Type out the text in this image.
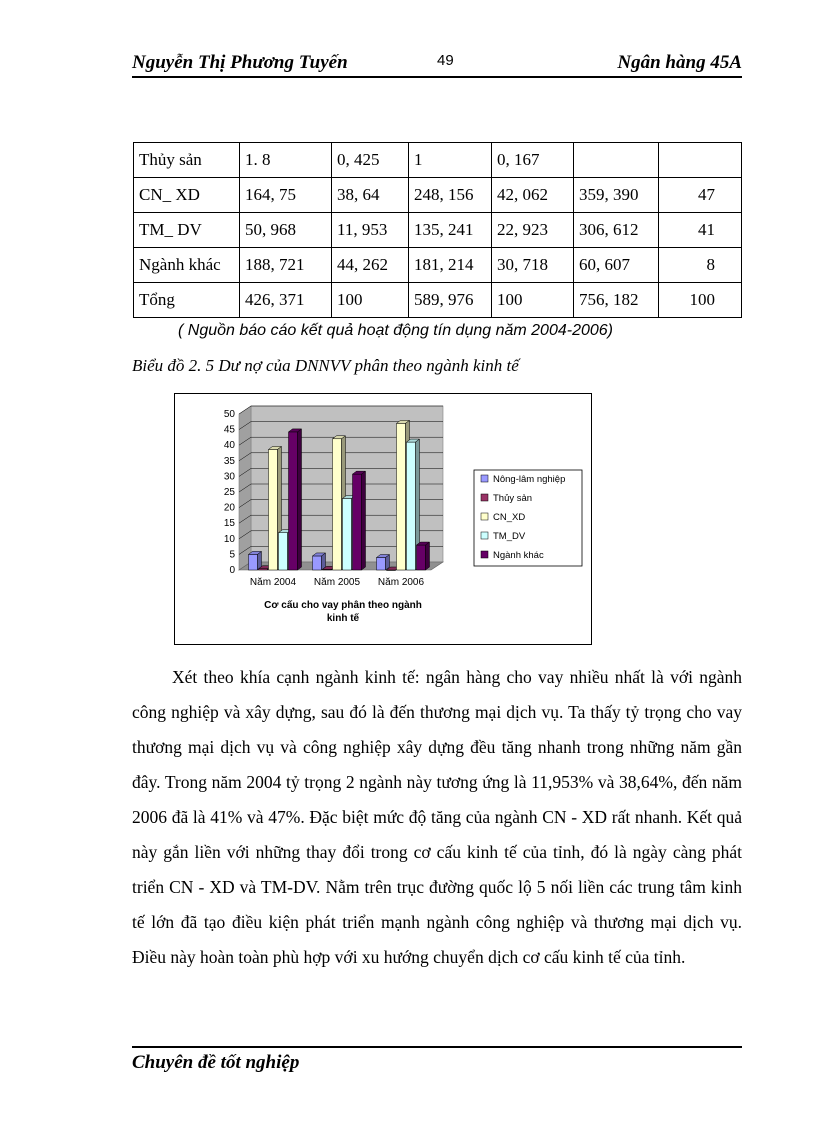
Nguyễn Thị Phương Tuyến	49	Ngân hàng 45A
Thủy sản	1. 8	0, 425	1	0, 167		
CN_ XD	164, 75	38, 64	248, 156	42, 062	359, 390	47
TM_ DV	50, 968	11, 953	135, 241	22, 923	306, 612	41
Ngành khác	188, 721	44, 262	181, 214	30, 718	60, 607	8
Tổng	426, 371	100	589, 976	100	756, 182	100
( Nguồn báo cáo kết quả hoạt động tín dụng năm 2004-2006)
Biểu đồ 2. 5 Dư nợ của DNNVV phân theo ngành kinh tế
0
5
10
15
20
25
30
35
40
45
50
Năm 2004 Năm 2005 Năm 2006
Cơ cấu cho vay phân theo ngành
kinh tế
Nông-lâm nghiệp
Thủy sản
CN_XD
TM_DV
Ngành khác

Xét theo khía cạnh ngành kinh tế: ngân hàng cho vay nhiều nhất là với ngành công nghiệp và xây dựng, sau đó là đến thương mại dịch vụ. Ta thấy tỷ trọng cho vay thương mại dịch vụ và công nghiệp xây dựng đều tăng nhanh trong những năm gần đây. Trong năm 2004 tỷ trọng 2 ngành này tương ứng là 11,953% và 38,64%, đến năm 2006 đã là 41% và 47%. Đặc biệt mức độ tăng của ngành CN - XD rất nhanh. Kết quả này gắn liền với những thay đổi trong cơ cấu kinh tế của tỉnh, đó là ngày càng phát triển CN - XD và TM-DV. Nằm trên trục đường quốc lộ 5 nối liền các trung tâm kinh tế lớn đã tạo điều kiện phát triển mạnh ngành công nghiệp và thương mại dịch vụ. Điều này hoàn toàn phù hợp với xu hướng chuyển dịch cơ cấu kinh tế của tỉnh.

Chuyên đề tốt nghiệp
